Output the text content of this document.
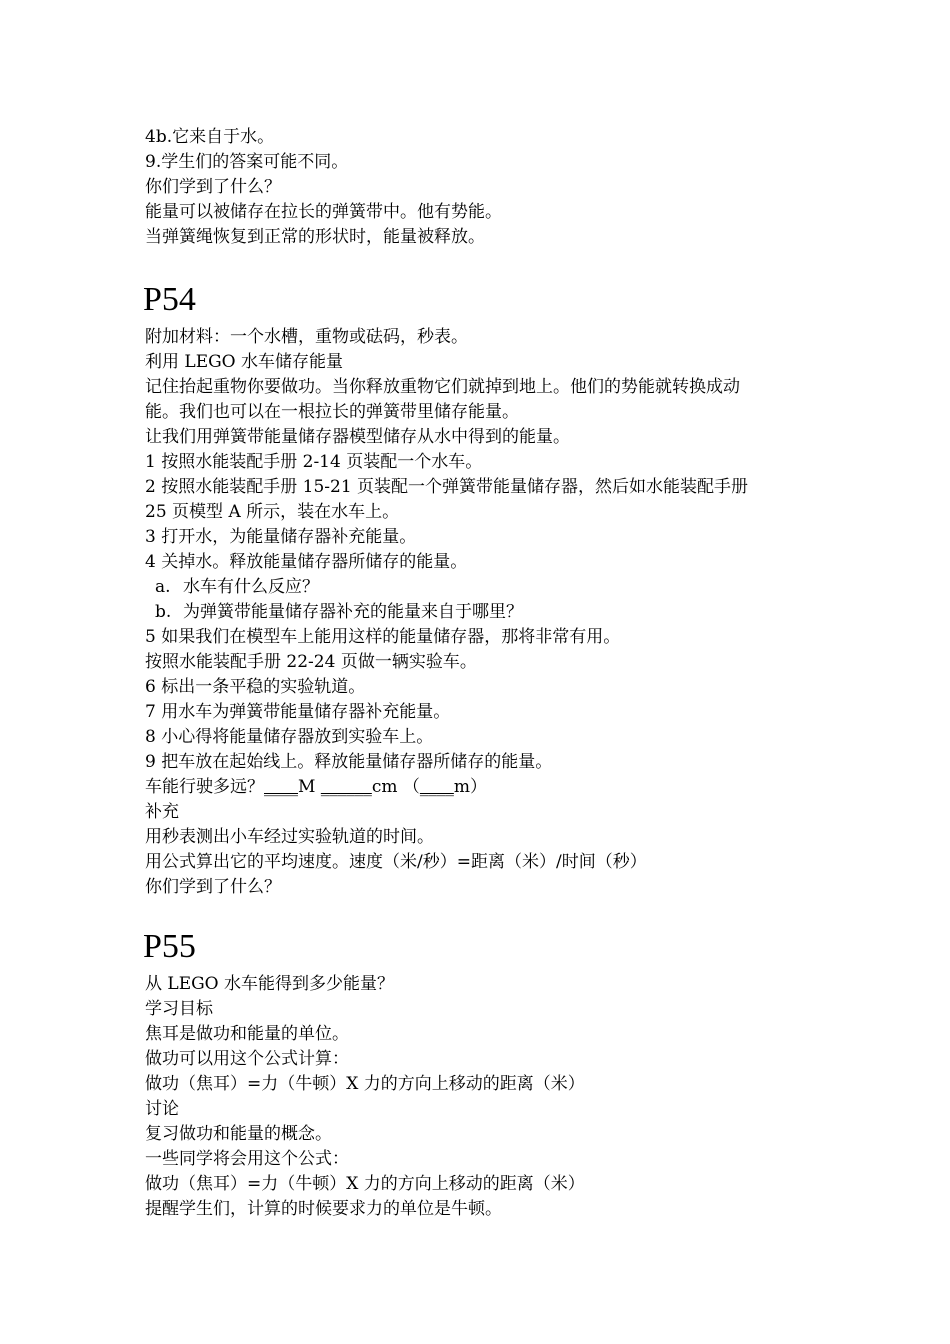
4b.它来自于水。
9.学生们的答案可能不同。
你们学到了什么？
能量可以被储存在拉长的弹簧带中。他有势能。
当弹簧绳恢复到正常的形状时，能量被释放。
P54
附加材料：一个水槽，重物或砝码，秒表。
利用 LEGO 水车储存能量
记住抬起重物你要做功。当你释放重物它们就掉到地上。他们的势能就转换成动
能。我们也可以在一根拉长的弹簧带里储存能量。
让我们用弹簧带能量储存器模型储存从水中得到的能量。
1 按照水能装配手册 2-14 页装配一个水车。
2 按照水能装配手册 15-21 页装配一个弹簧带能量储存器，然后如水能装配手册
25 页模型 A 所示，装在水车上。
3 打开水，为能量储存器补充能量。
4 关掉水。释放能量储存器所储存的能量。
a. 水车有什么反应？
b. 为弹簧带能量储存器补充的能量来自于哪里？
5 如果我们在模型车上能用这样的能量储存器，那将非常有用。
按照水能装配手册 22-24 页做一辆实验车。
6 标出一条平稳的实验轨道。
7 用水车为弹簧带能量储存器补充能量。
8 小心得将能量储存器放到实验车上。
9 把车放在起始线上。释放能量储存器所储存的能量。
车能行驶多远？____M ______cm （____m）
补充
用秒表测出小车经过实验轨道的时间。
用公式算出它的平均速度。速度（米/秒）=距离（米）/时间（秒）
你们学到了什么？
P55
从 LEGO 水车能得到多少能量？
学习目标
焦耳是做功和能量的单位。
做功可以用这个公式计算：
做功（焦耳）=力（牛顿）X 力的方向上移动的距离（米）
讨论
复习做功和能量的概念。
一些同学将会用这个公式：
做功（焦耳）=力（牛顿）X 力的方向上移动的距离（米）
提醒学生们，计算的时候要求力的单位是牛顿。
